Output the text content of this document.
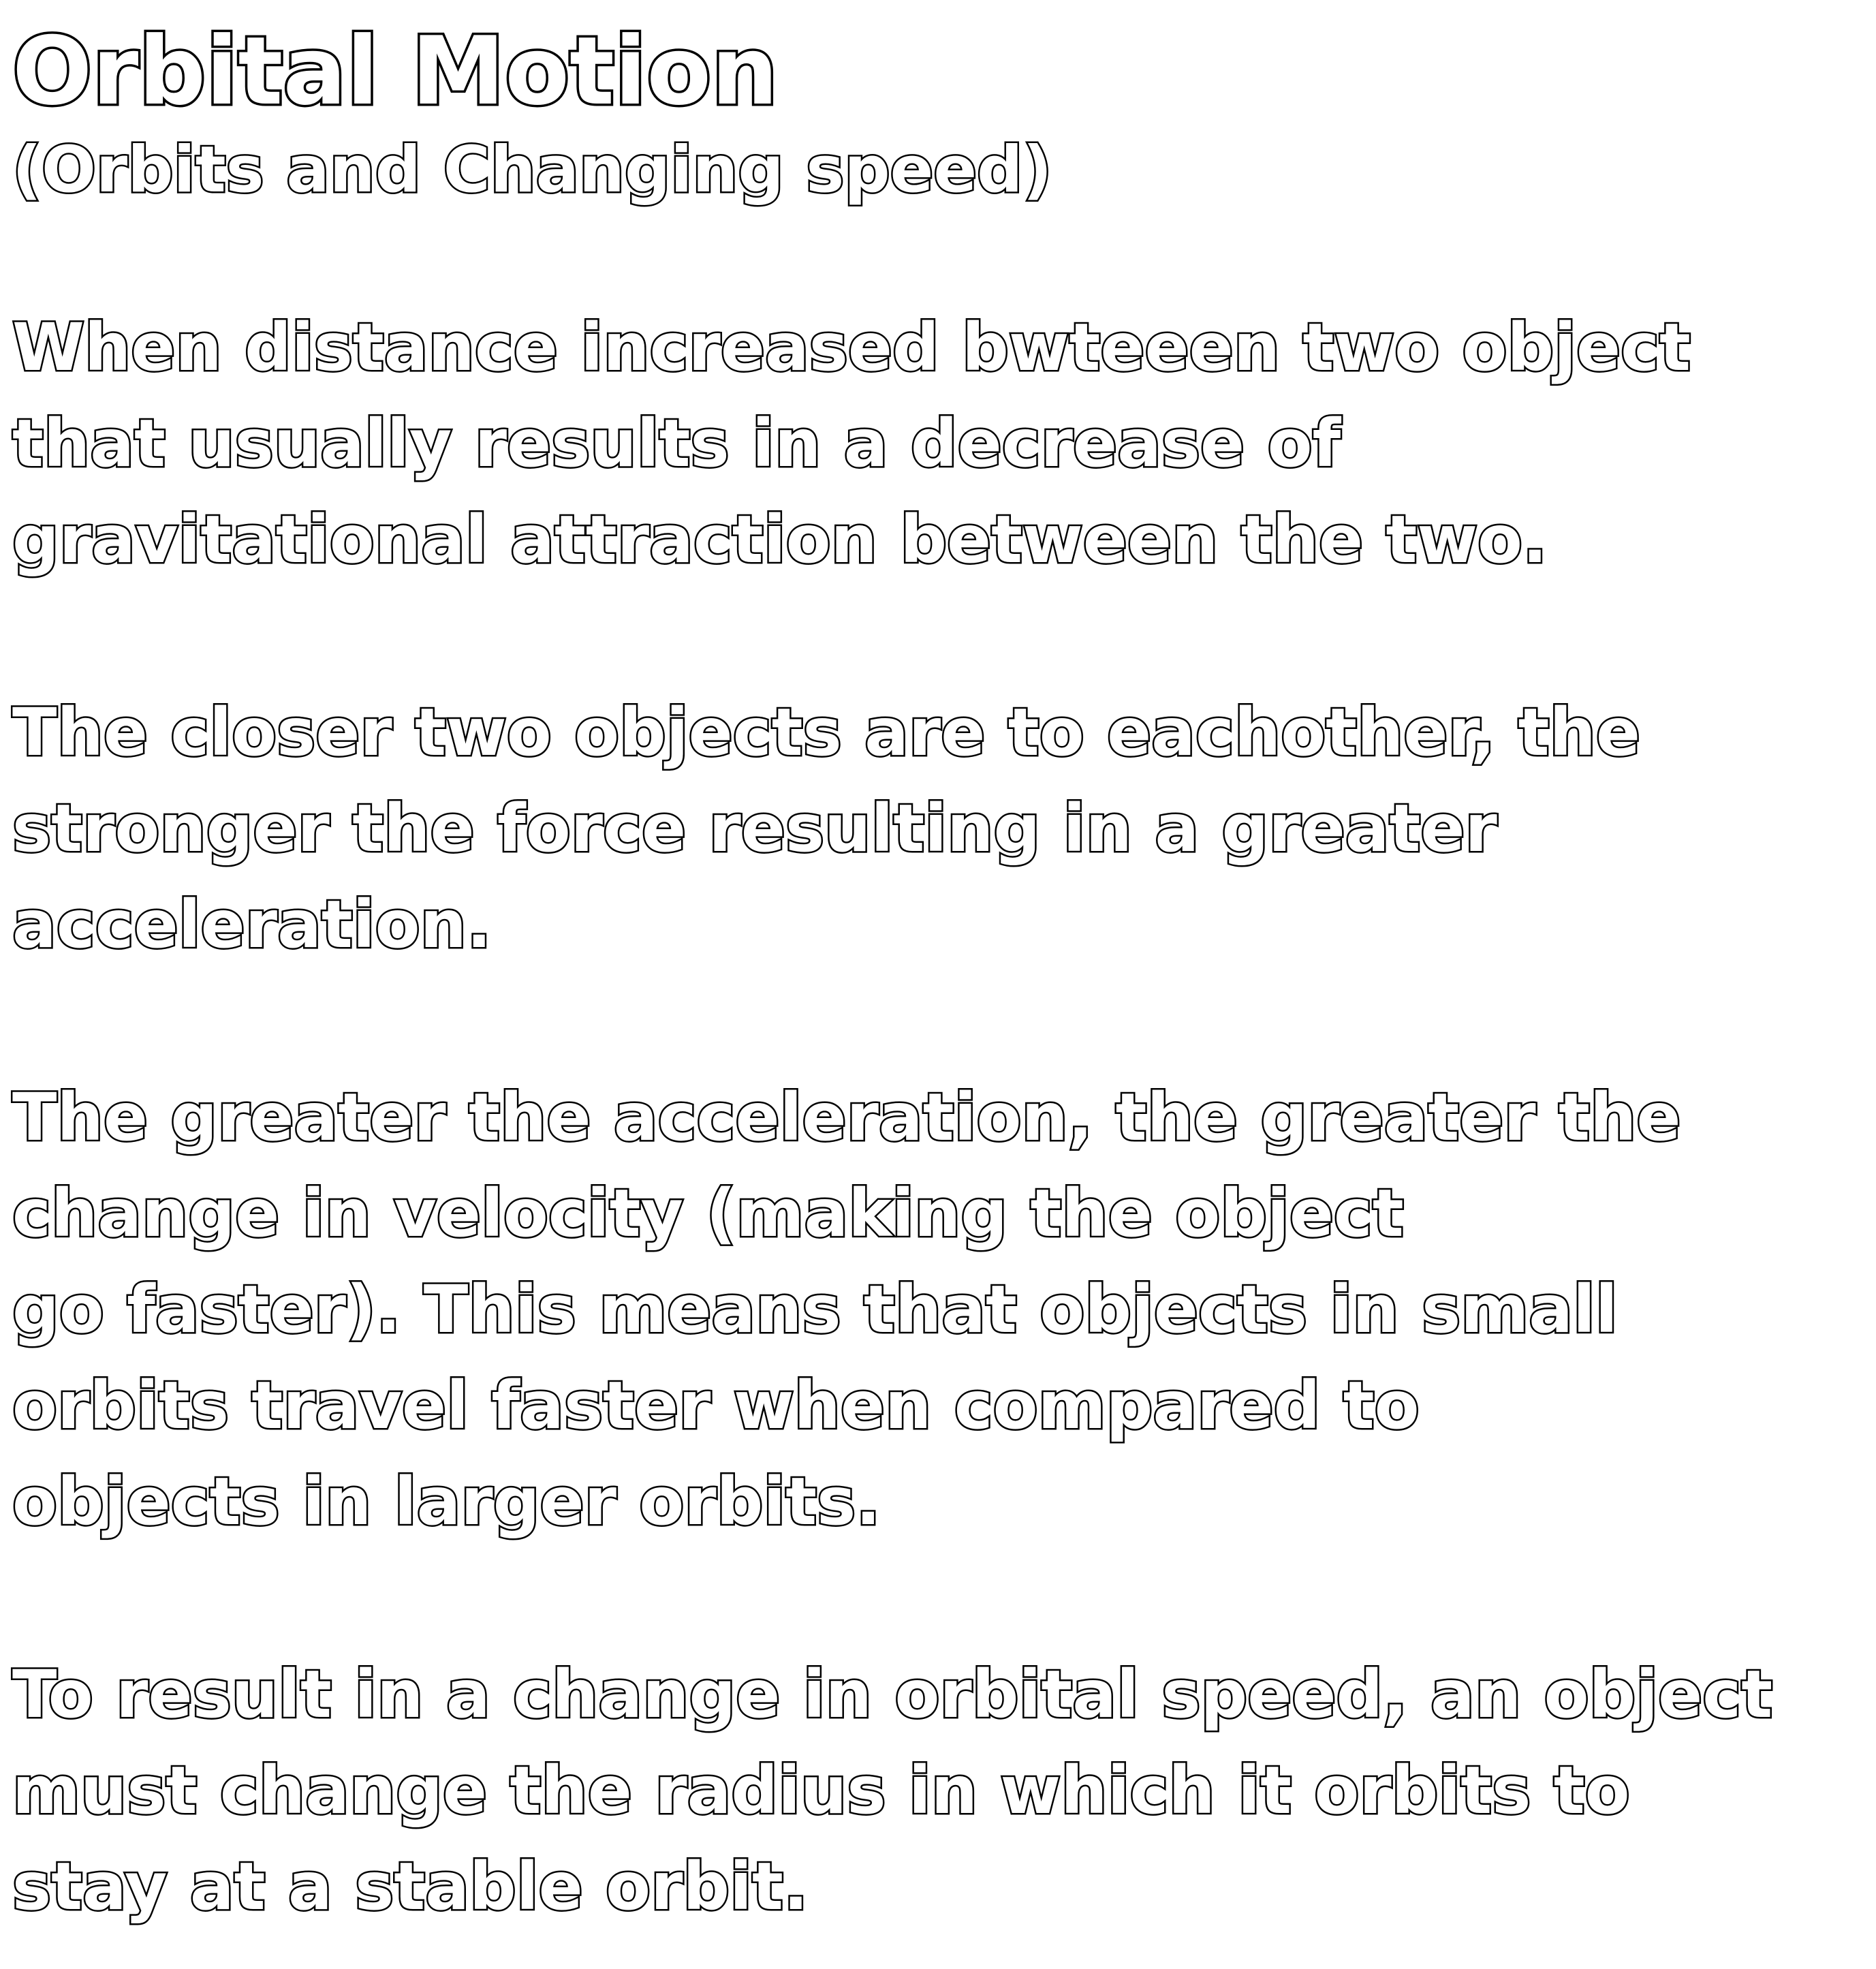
Orbital Motion
(Orbits and Changing speed)
When distance increased bwteeen two object
that usually results in a decrease of
gravitational attraction between the two.
The closer two objects are to eachother, the
stronger the force resulting in a greater
acceleration.
The greater the acceleration, the greater the
change in velocity (making the object
go faster). This means that objects in small
orbits travel faster when compared to
objects in larger orbits.
To result in a change in orbital speed, an object
must change the radius in which it orbits to
stay at a stable orbit.
